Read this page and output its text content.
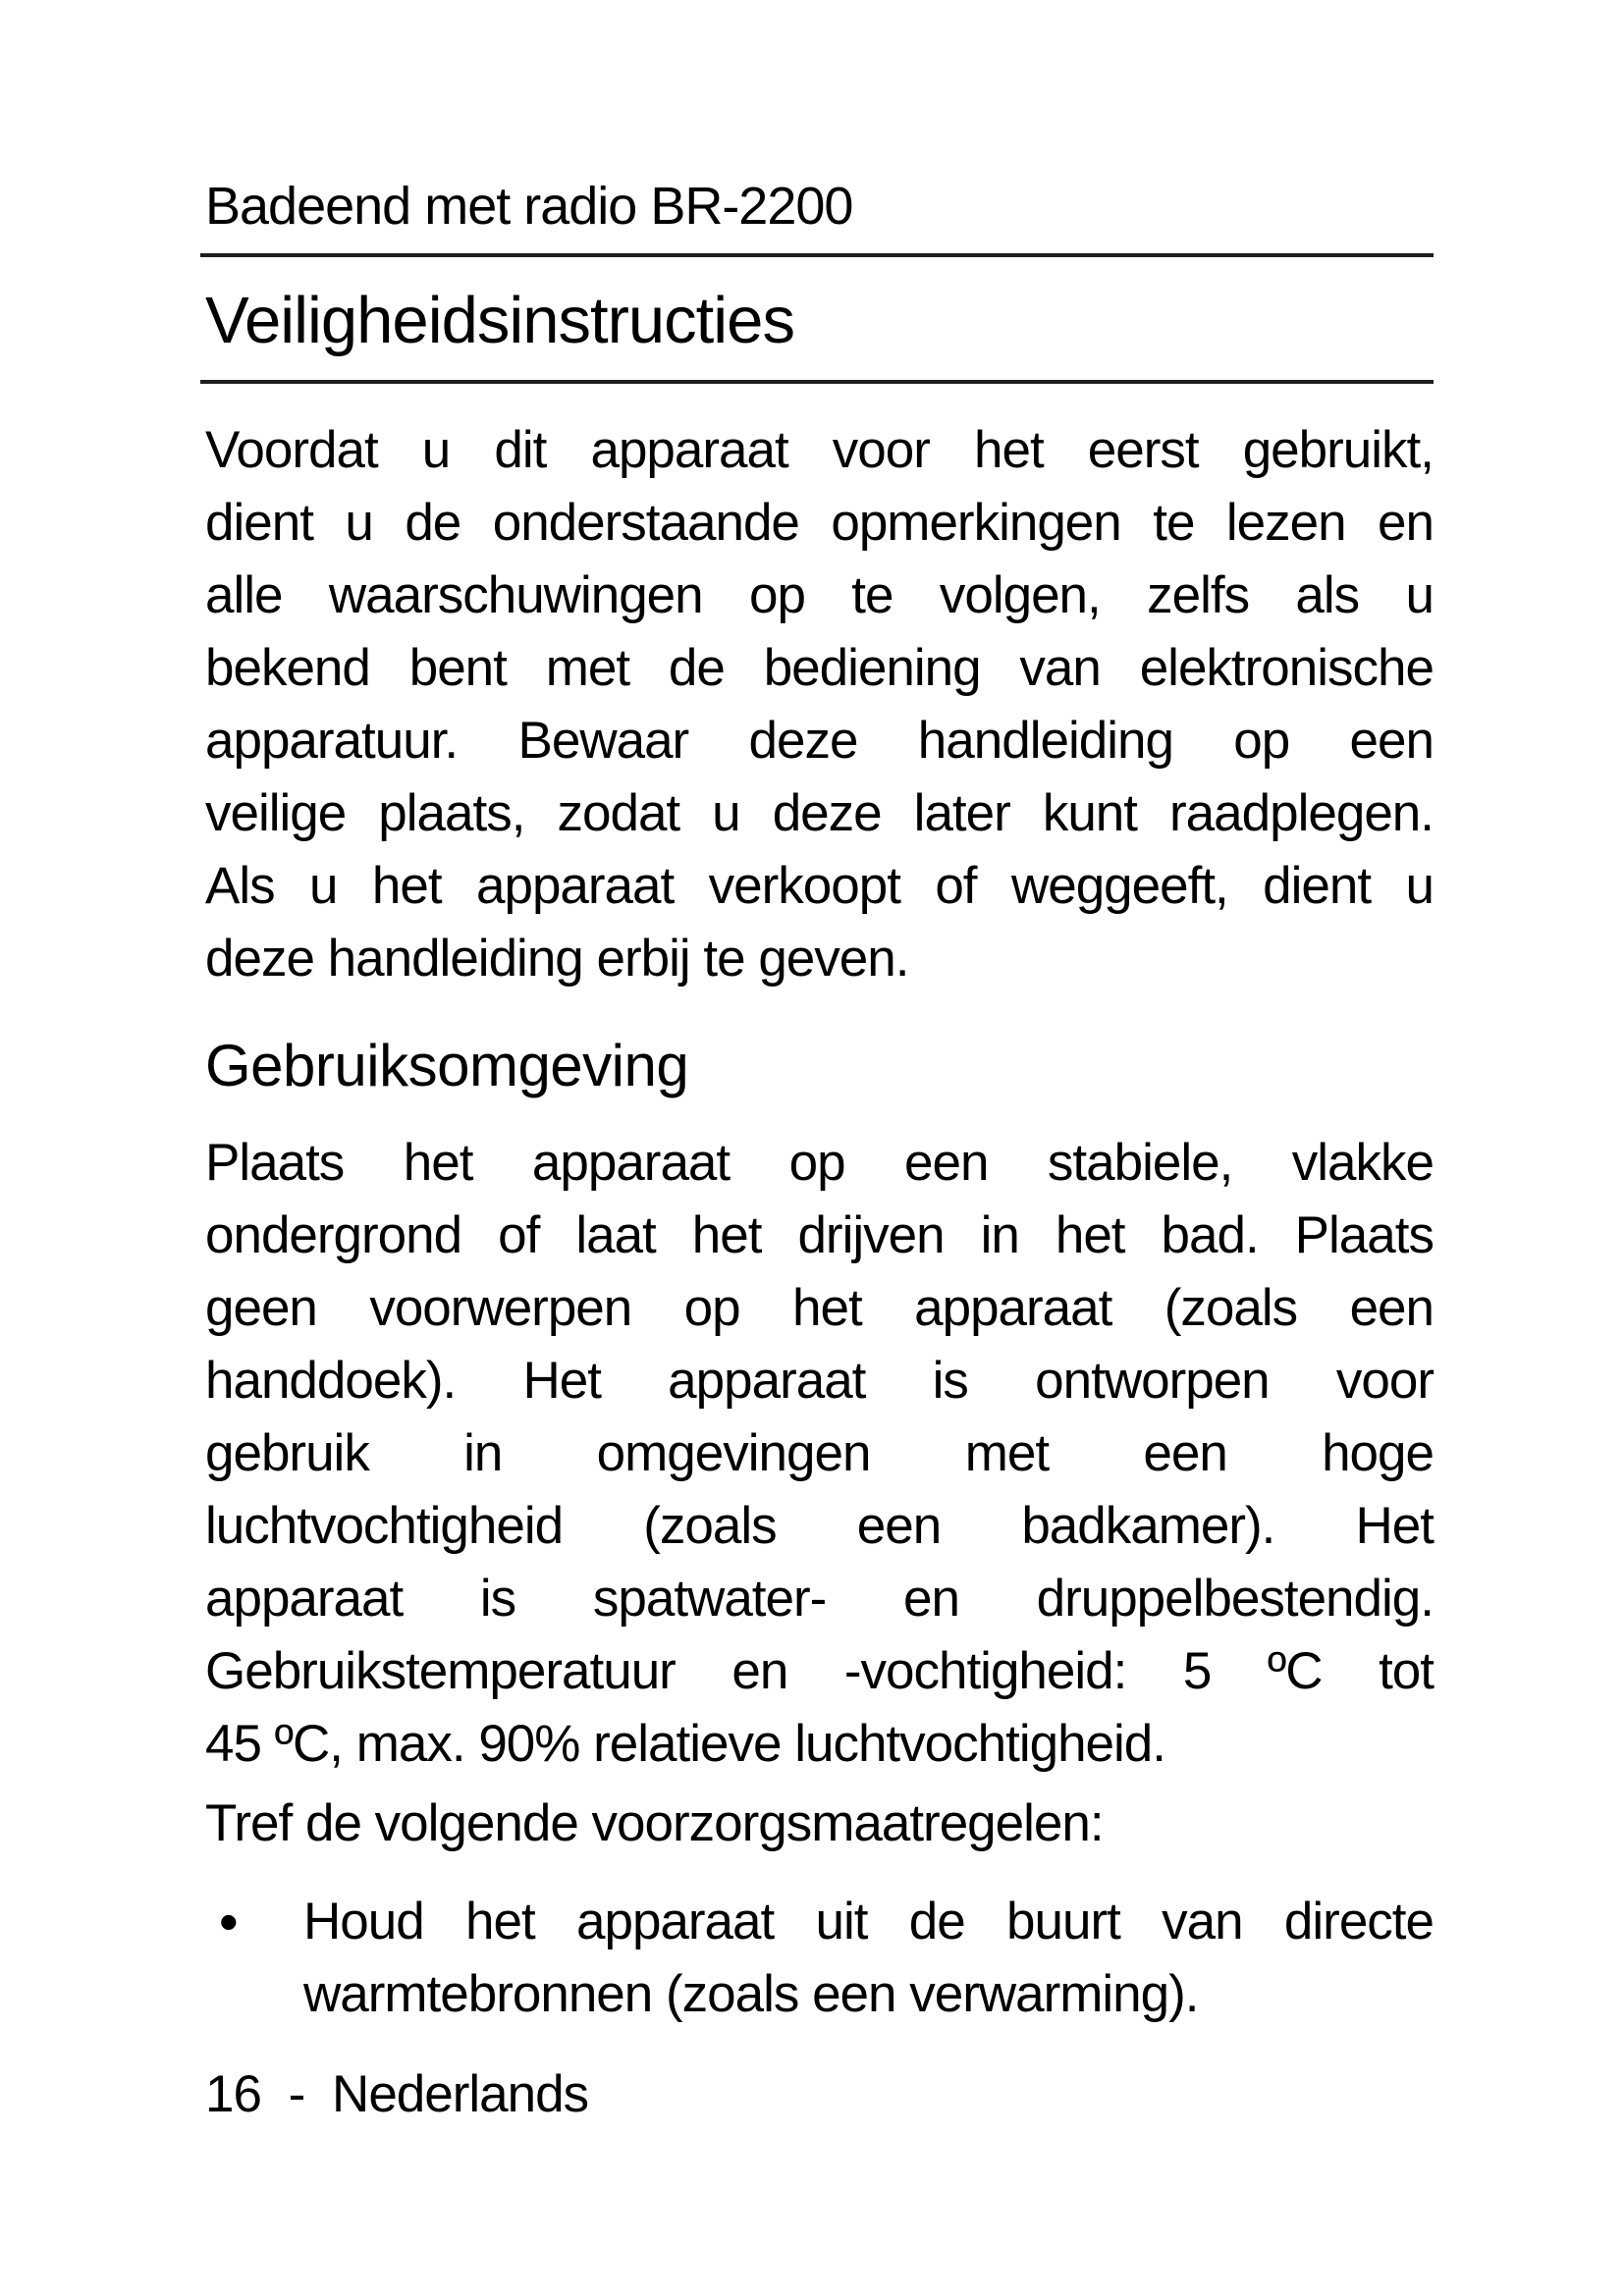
Badeend met radio BR-2200
Veiligheidsinstructies
Voordat u dit apparaat voor het eerst gebruikt,
dient u de onderstaande opmerkingen te lezen en
alle waarschuwingen op te volgen, zelfs als u
bekend bent met de bediening van elektronische
apparatuur. Bewaar deze handleiding op een
veilige plaats, zodat u deze later kunt raadplegen.
Als u het apparaat verkoopt of weggeeft, dient u
deze handleiding erbij te geven.
Gebruiksomgeving
Plaats het apparaat op een stabiele, vlakke
ondergrond of laat het drijven in het bad. Plaats
geen voorwerpen op het apparaat (zoals een
handdoek). Het apparaat is ontworpen voor
gebruik in omgevingen met een hoge
luchtvochtigheid (zoals een badkamer). Het
apparaat is spatwater- en druppelbestendig.
Gebruikstemperatuur en -vochtigheid: 5 ºC tot
45 ºC, max. 90% relatieve luchtvochtigheid.
Tref de volgende voorzorgsmaatregelen:
•	Houd het apparaat uit de buurt van directe
warmtebronnen (zoals een verwarming).
16 - Nederlands
